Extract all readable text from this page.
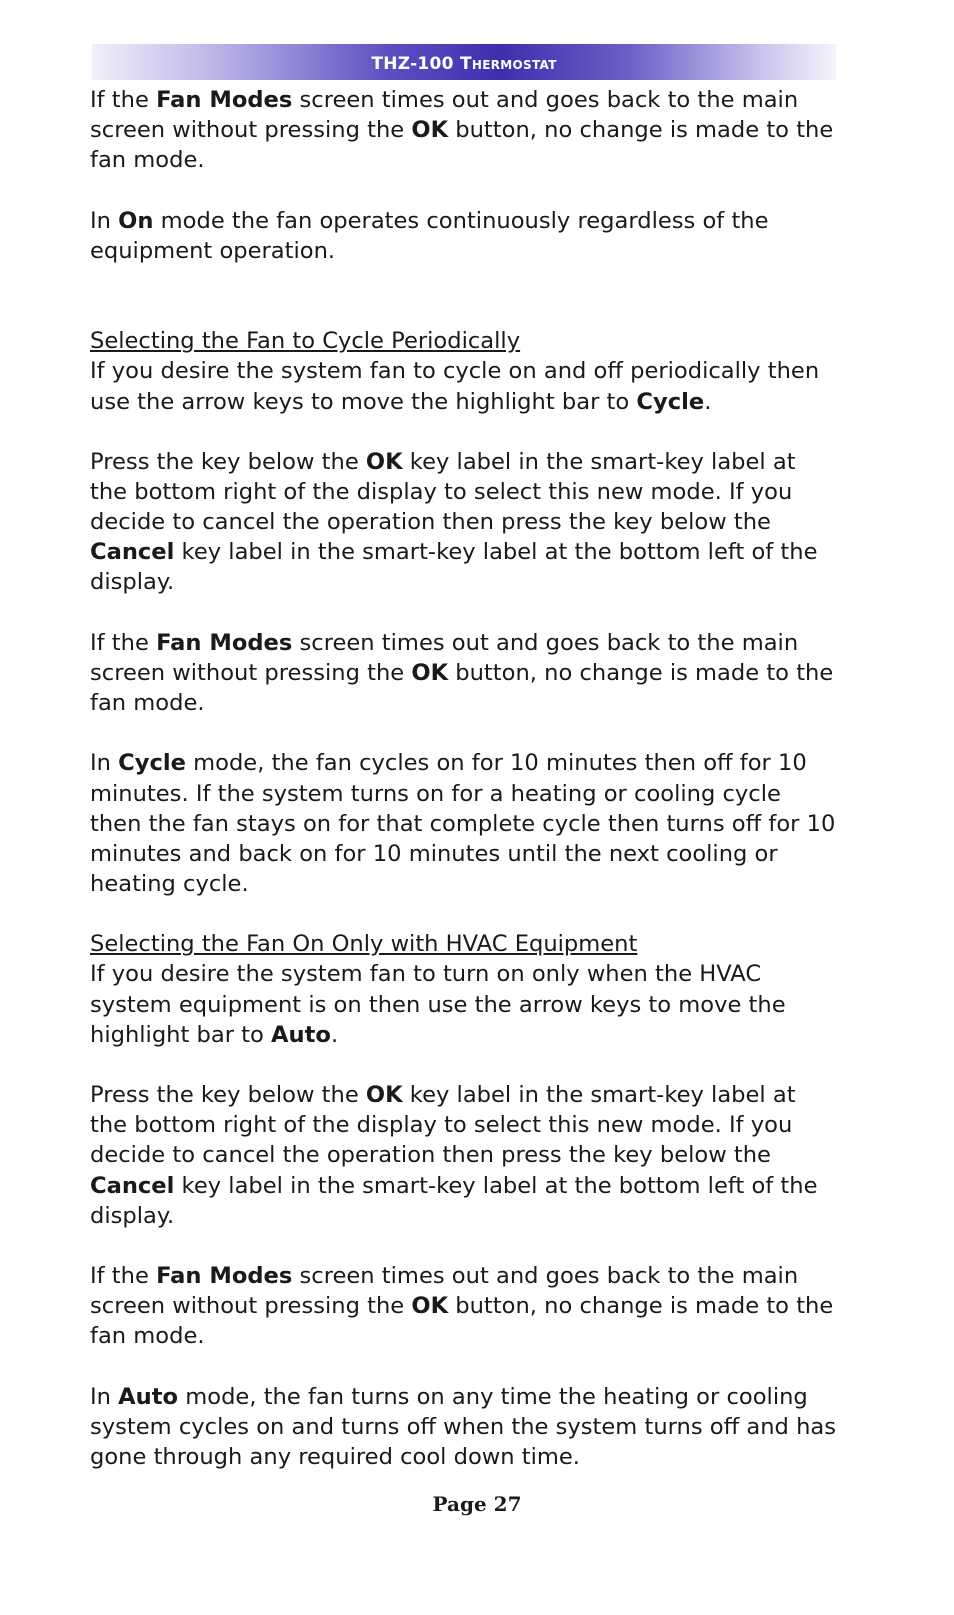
THZ-100 Thermostat

If the Fan Modes screen times out and goes back to the main screen without pressing the OK button, no change is made to the fan mode.

In On mode the fan operates continuously regardless of the equipment operation.

Selecting the Fan to Cycle Periodically

If you desire the system fan to cycle on and off periodically then use the arrow keys to move the highlight bar to Cycle.

Press the key below the OK key label in the smart-key label at the bottom right of the display to select this new mode. If you decide to cancel the operation then press the key below the Cancel key label in the smart-key label at the bottom left of the display.

If the Fan Modes screen times out and goes back to the main screen without pressing the OK button, no change is made to the fan mode.

In Cycle mode, the fan cycles on for 10 minutes then off for 10 minutes. If the system turns on for a heating or cooling cycle then the fan stays on for that complete cycle then turns off for 10 minutes and back on for 10 minutes until the next cooling or heating cycle.

Selecting the Fan On Only with HVAC Equipment

If you desire the system fan to turn on only when the HVAC system equipment is on then use the arrow keys to move the highlight bar to Auto.

Press the key below the OK key label in the smart-key label at the bottom right of the display to select this new mode. If you decide to cancel the operation then press the key below the Cancel key label in the smart-key label at the bottom left of the display.

If the Fan Modes screen times out and goes back to the main screen without pressing the OK button, no change is made to the fan mode.

In Auto mode, the fan turns on any time the heating or cooling system cycles on and turns off when the system turns off and has gone through any required cool down time.

Page 27
